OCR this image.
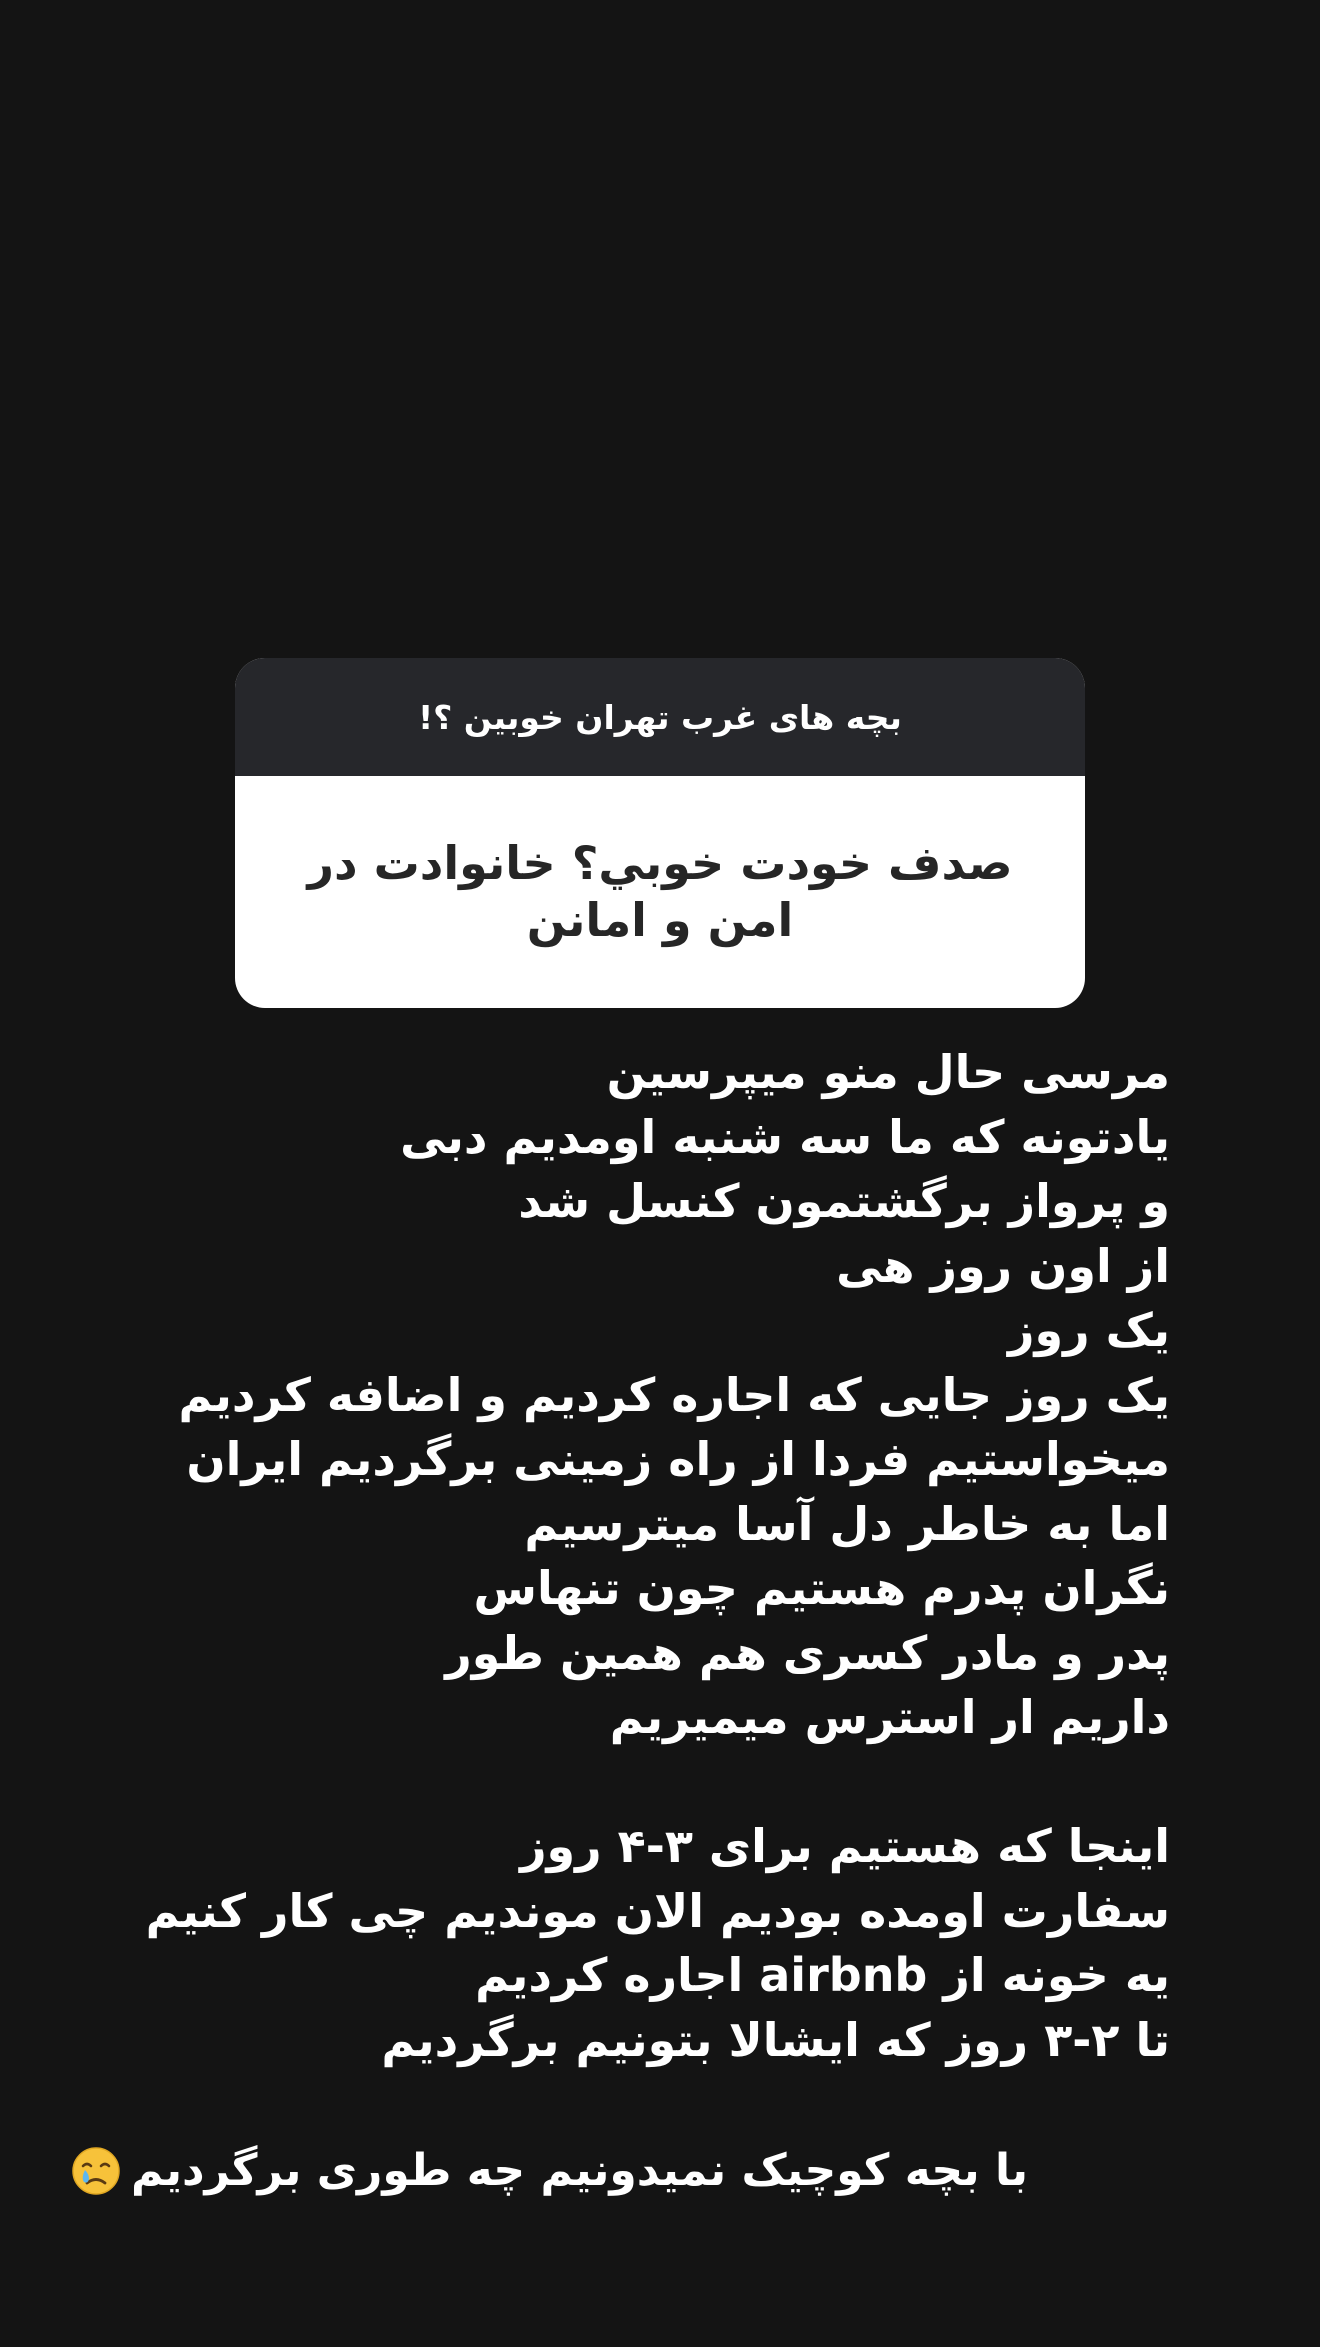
بچه های غرب تهران خوبین ؟!
صدف خودت خوبي؟ خانوادت در امن و امانن
مرسی حال منو میپرسین
یادتونه که ما سه شنبه اومدیم دبی
و پرواز برگشتمون کنسل شد
از اون روز هی
یک روز
یک روز جایی که اجاره کردیم و اضافه کردیم
میخواستیم فردا از راه زمینی برگردیم ایران اما به خاطر دل آسا میترسیم
نگران پدرم هستیم چون تنهاس
پدر و مادر کسری هم همین طور
داریم ار استرس میمیریم
اینجا که هستیم برای ۳-۴ روز
سفارت اومده بودیم الان موندیم چی کار کنیم
یه خونه از airbnb اجاره کردیم
تا ۲-۳ روز که ایشالا بتونیم برگردیم
با بچه کوچیک نمیدونیم چه طوری برگردیم
